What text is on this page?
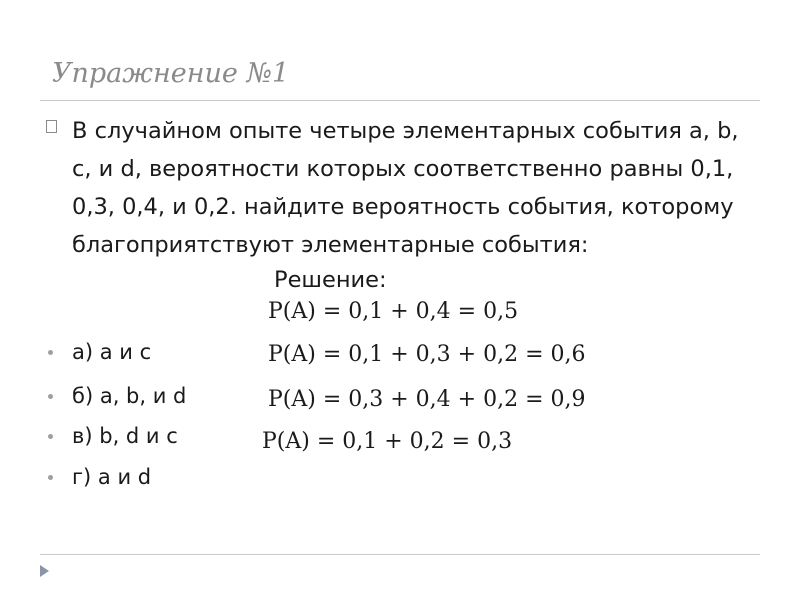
Упражнение №1
В случайном опыте четыре элементарных события a, b, c, и d, вероятности которых соответственно равны 0,1, 0,3, 0,4, и 0,2. найдите вероятность события, которому благоприятствуют элементарные события:
Решение:
а) a и c
б) a, b, и d
в) b, d и c
г) a и d
P(A) = 0,1 + 0,4 = 0,5
P(A) = 0,1 + 0,3 + 0,2 = 0,6
P(A) = 0,3 + 0,4 + 0,2 = 0,9
P(A) = 0,1 + 0,2 = 0,3
